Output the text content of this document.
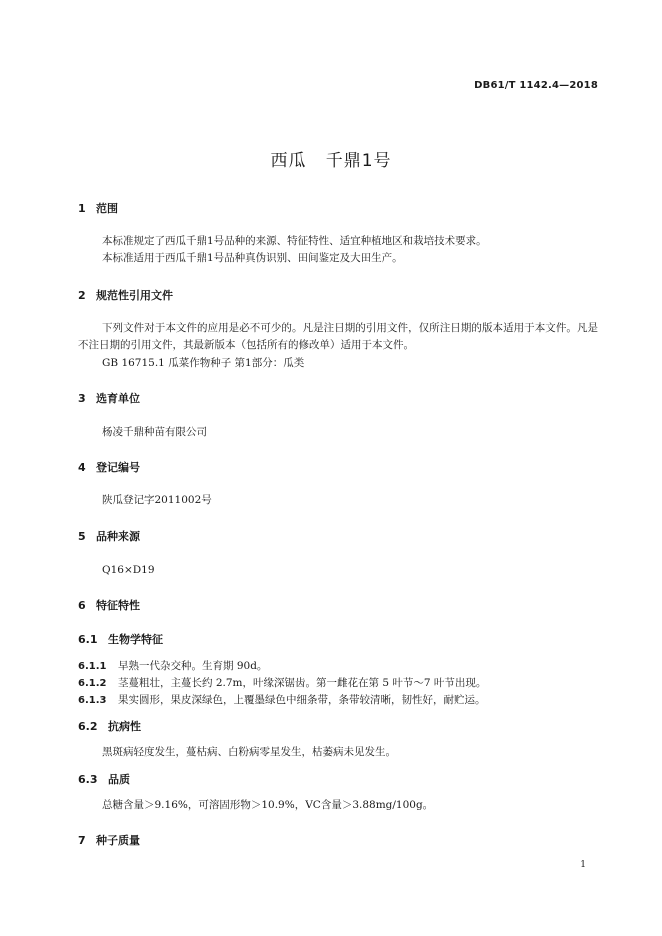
DB61/T 1142.4—2018
西瓜   千鼎1号
1 范围
本标准规定了西瓜千鼎1号品种的来源、特征特性、适宜种植地区和栽培技术要求。
本标准适用于西瓜千鼎1号品种真伪识别、田间鉴定及大田生产。
2 规范性引用文件
下列文件对于本文件的应用是必不可少的。凡是注日期的引用文件，仅所注日期的版本适用于本文件。凡是不注日期的引用文件，其最新版本（包括所有的修改单）适用于本文件。
GB 16715.1 瓜菜作物种子 第1部分：瓜类
3 选育单位
杨凌千鼎种苗有限公司
4 登记编号
陕瓜登记字2011002号
5 品种来源
Q16×D19
6 特征特性
6.1 生物学特征
6.1.1 早熟一代杂交种。生育期 90d。
6.1.2 茎蔓粗壮，主蔓长约 2.7m，叶缘深锯齿。第一雌花在第 5 叶节～7 叶节出现。
6.1.3 果实圆形，果皮深绿色，上覆墨绿色中细条带，条带较清晰，韧性好，耐贮运。
6.2 抗病性
黑斑病轻度发生，蔓枯病、白粉病零星发生，枯萎病未见发生。
6.3 品质
总糖含量＞9.16%，可溶固形物＞10.9%，VC含量＞3.88mg/100g。
7 种子质量
1
